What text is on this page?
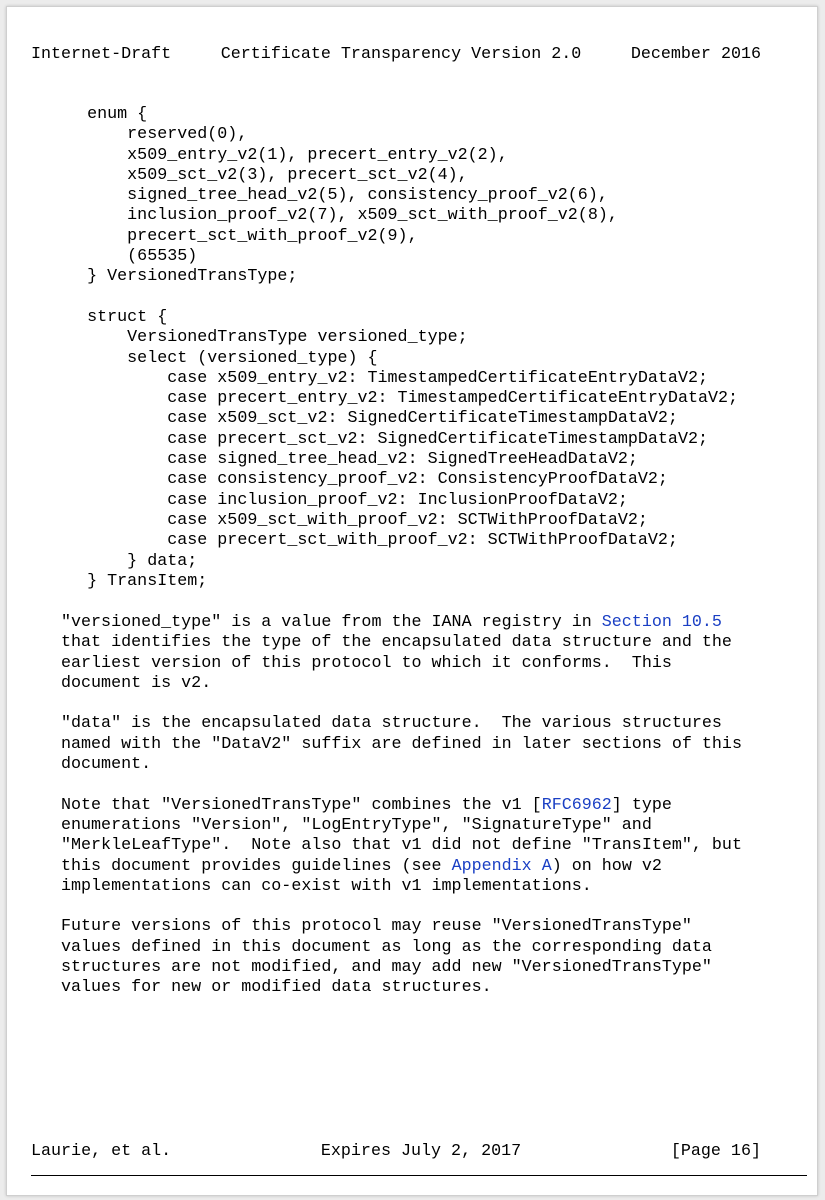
Internet-Draft	Certificate Transparency Version 2.0	December 2016
enum {
reserved(0),
x509_entry_v2(1), precert_entry_v2(2),
x509_sct_v2(3), precert_sct_v2(4),
signed_tree_head_v2(5), consistency_proof_v2(6),
inclusion_proof_v2(7), x509_sct_with_proof_v2(8),
precert_sct_with_proof_v2(9),
(65535)
} VersionedTransType;

struct {
VersionedTransType versioned_type;
select (versioned_type) {
case x509_entry_v2: TimestampedCertificateEntryDataV2;
case precert_entry_v2: TimestampedCertificateEntryDataV2;
case x509_sct_v2: SignedCertificateTimestampDataV2;
case precert_sct_v2: SignedCertificateTimestampDataV2;
case signed_tree_head_v2: SignedTreeHeadDataV2;
case consistency_proof_v2: ConsistencyProofDataV2;
case inclusion_proof_v2: InclusionProofDataV2;
case x509_sct_with_proof_v2: SCTWithProofDataV2;
case precert_sct_with_proof_v2: SCTWithProofDataV2;
} data;
} TransItem;
"versioned_type" is a value from the IANA registry in Section 10.5
that identifies the type of the encapsulated data structure and the
earliest version of this protocol to which it conforms.  This
document is v2.
"data" is the encapsulated data structure.  The various structures
named with the "DataV2" suffix are defined in later sections of this
document.
Note that "VersionedTransType" combines the v1 [RFC6962] type
enumerations "Version", "LogEntryType", "SignatureType" and
"MerkleLeafType".  Note also that v1 did not define "TransItem", but
this document provides guidelines (see Appendix A) on how v2
implementations can co-exist with v1 implementations.
Future versions of this protocol may reuse "VersionedTransType"
values defined in this document as long as the corresponding data
structures are not modified, and may add new "VersionedTransType"
values for new or modified data structures.
Laurie, et al.	Expires July 2, 2017	[Page 16]
